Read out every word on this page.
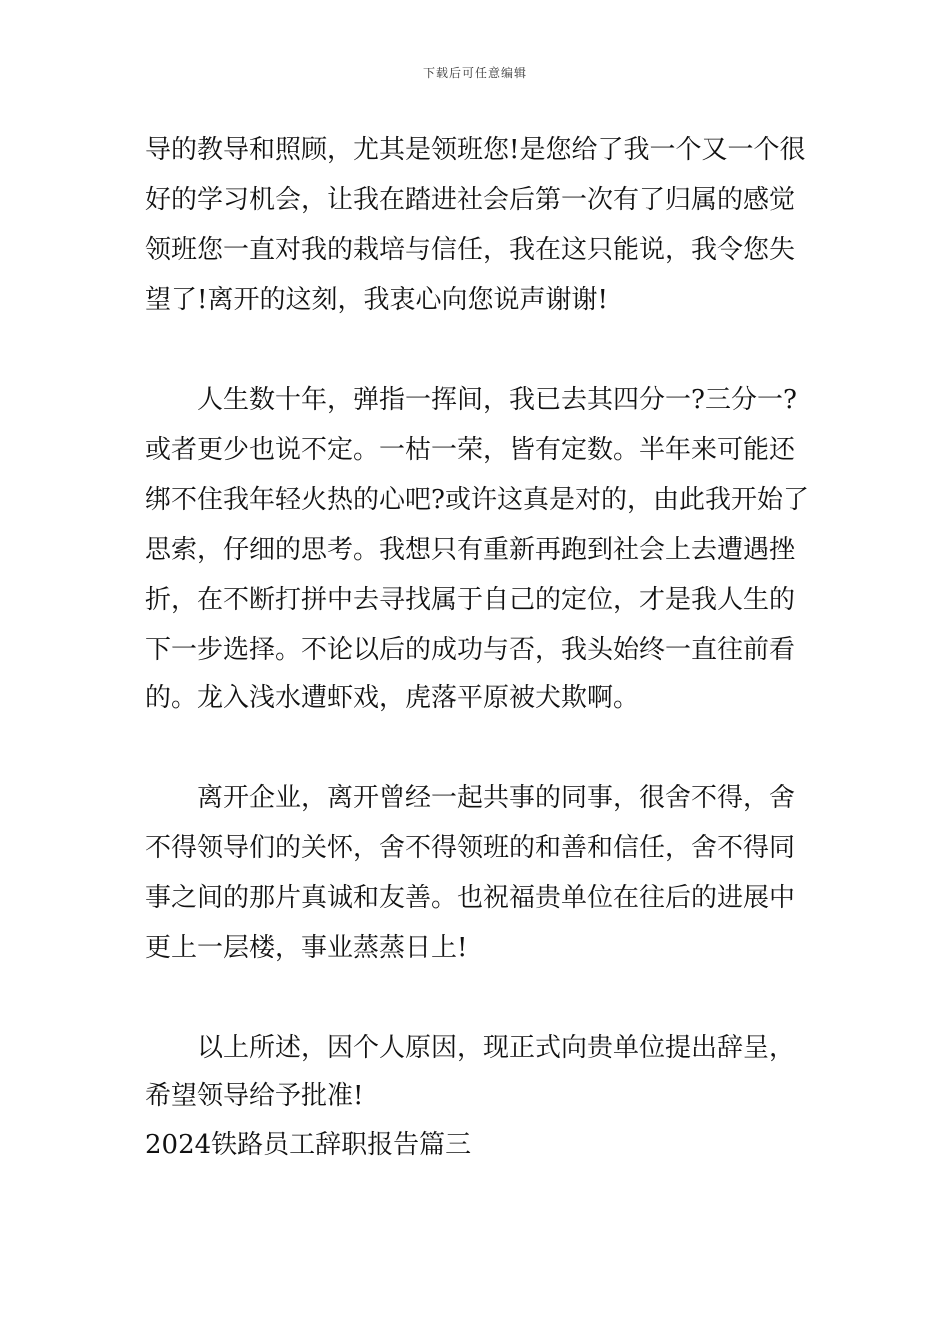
下载后可任意编辑
导的教导和照顾，尤其是领班您!是您给了我一个又一个很
好的学习机会，让我在踏进社会后第一次有了归属的感觉
领班您一直对我的栽培与信任，我在这只能说，我令您失
望了!离开的这刻，我衷心向您说声谢谢!
　　人生数十年，弹指一挥间，我已去其四分一?三分一?
或者更少也说不定。一枯一荣，皆有定数。半年来可能还
绑不住我年轻火热的心吧?或许这真是对的，由此我开始了
思索，仔细的思考。我想只有重新再跑到社会上去遭遇挫
折，在不断打拼中去寻找属于自己的定位，才是我人生的
下一步选择。不论以后的成功与否，我头始终一直往前看
的。龙入浅水遭虾戏，虎落平原被犬欺啊。
　　离开企业，离开曾经一起共事的同事，很舍不得，舍
不得领导们的关怀，舍不得领班的和善和信任，舍不得同
事之间的那片真诚和友善。也祝福贵单位在往后的进展中
更上一层楼，事业蒸蒸日上!
　　以上所述，因个人原因，现正式向贵单位提出辞呈，
希望领导给予批准!
2024铁路员工辞职报告篇三
